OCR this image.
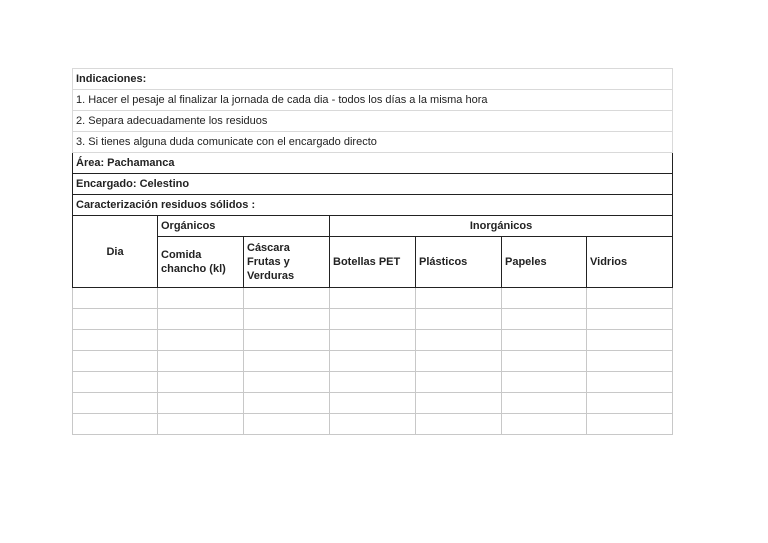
Indicaciones:						
1. Hacer el pesaje al finalizar la jornada de cada dia - todos los días a la misma hora						
2. Separa adecuadamente los residuos						
3. Si tienes alguna duda comunicate con el encargado directo						
Área: Pachamanca						
Encargado: Celestino						
Caracterización residuos sólidos :						
Dia	Orgánicos		Inorgánicos			
	Comida chancho (kl)	Cáscara Frutas y Verduras	Botellas PET	Plásticos	Papeles	Vidrios
